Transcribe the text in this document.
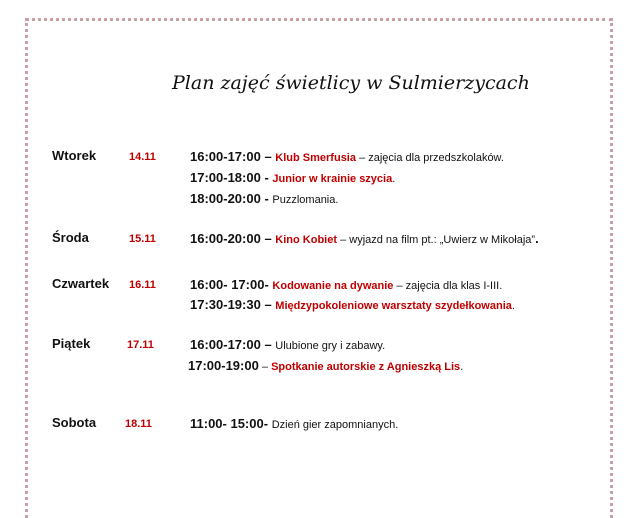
Plan zajęć świetlicy w Sulmierzycach
Wtorek	14.11	16:00-17:00 – Klub Smerfusia – zajęcia dla przedszkolaków.
17:00-18:00 - Junior w krainie szycia.
18:00-20:00 - Puzzlomania.
Środa	15.11	16:00-20:00 – Kino Kobiet – wyjazd na film pt.: „Uwierz w Mikołaja”.
Czwartek 16.11	16:00- 17:00- Kodowanie na dywanie – zajęcia dla klas I-III.
17:30-19:30 – Międzypokoleniowe warsztaty szydełkowania.
Piątek	17.11	16:00-17:00 – Ulubione gry i zabawy.
17:00-19:00 – Spotkanie autorskie z Agnieszką Lis.
Sobota	18.11	11:00- 15:00- Dzień gier zapomnianych.
